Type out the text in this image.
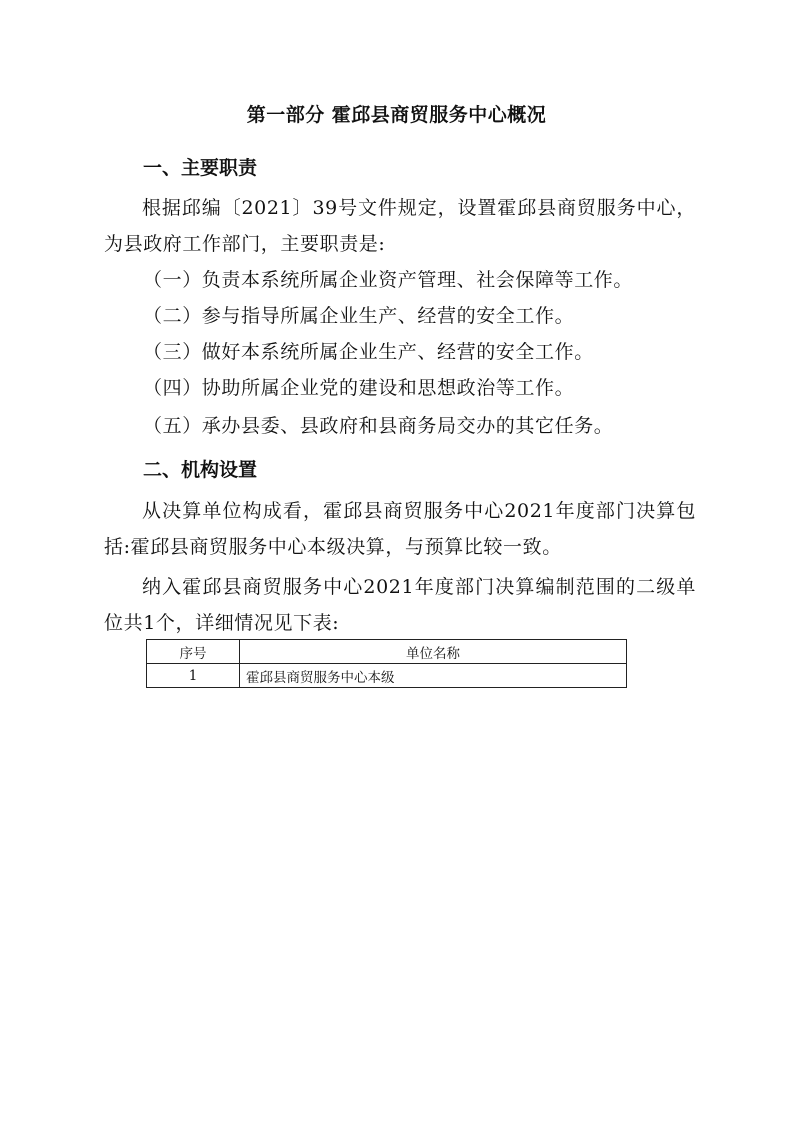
第一部分 霍邱县商贸服务中心概况
一、主要职责
根据邱编〔2021〕39号文件规定，设置霍邱县商贸服务中心，为县政府工作部门，主要职责是:
（一）负责本系统所属企业资产管理、社会保障等工作。
（二）参与指导所属企业生产、经营的安全工作。
（三）做好本系统所属企业生产、经营的安全工作。
（四）协助所属企业党的建设和思想政治等工作。
（五）承办县委、县政府和县商务局交办的其它任务。
二、机构设置
从决算单位构成看，霍邱县商贸服务中心2021年度部门决算包括:霍邱县商贸服务中心本级决算，与预算比较一致。
纳入霍邱县商贸服务中心2021年度部门决算编制范围的二级单位共1个，详细情况见下表:
序号	单位名称
1	霍邱县商贸服务中心本级
